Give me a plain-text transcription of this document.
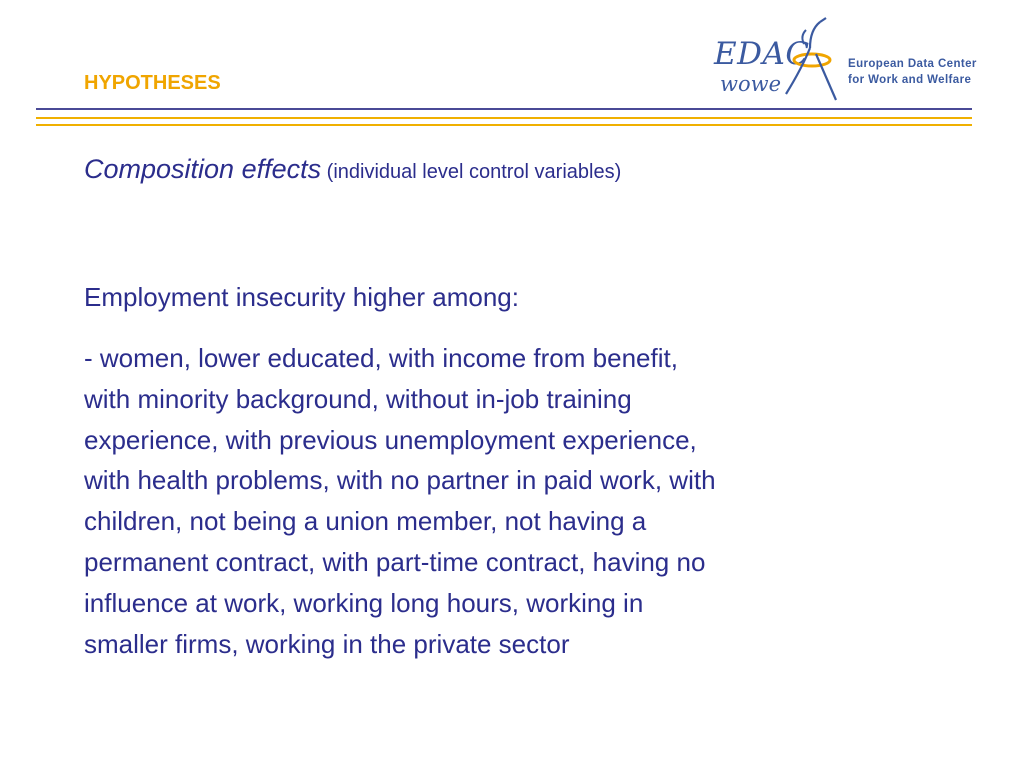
HYPOTHESES
EDAC
wowe
European Data Center
for Work and Welfare
Composition effects (individual level control variables)
Employment insecurity higher among:
- women, lower educated, with income from benefit,
with minority background, without in-job training
experience, with previous unemployment experience,
with health problems, with no partner in paid work, with
children, not being a union member, not having a
permanent contract, with part-time contract, having no
influence at work, working long hours, working in
smaller firms, working in the private sector
